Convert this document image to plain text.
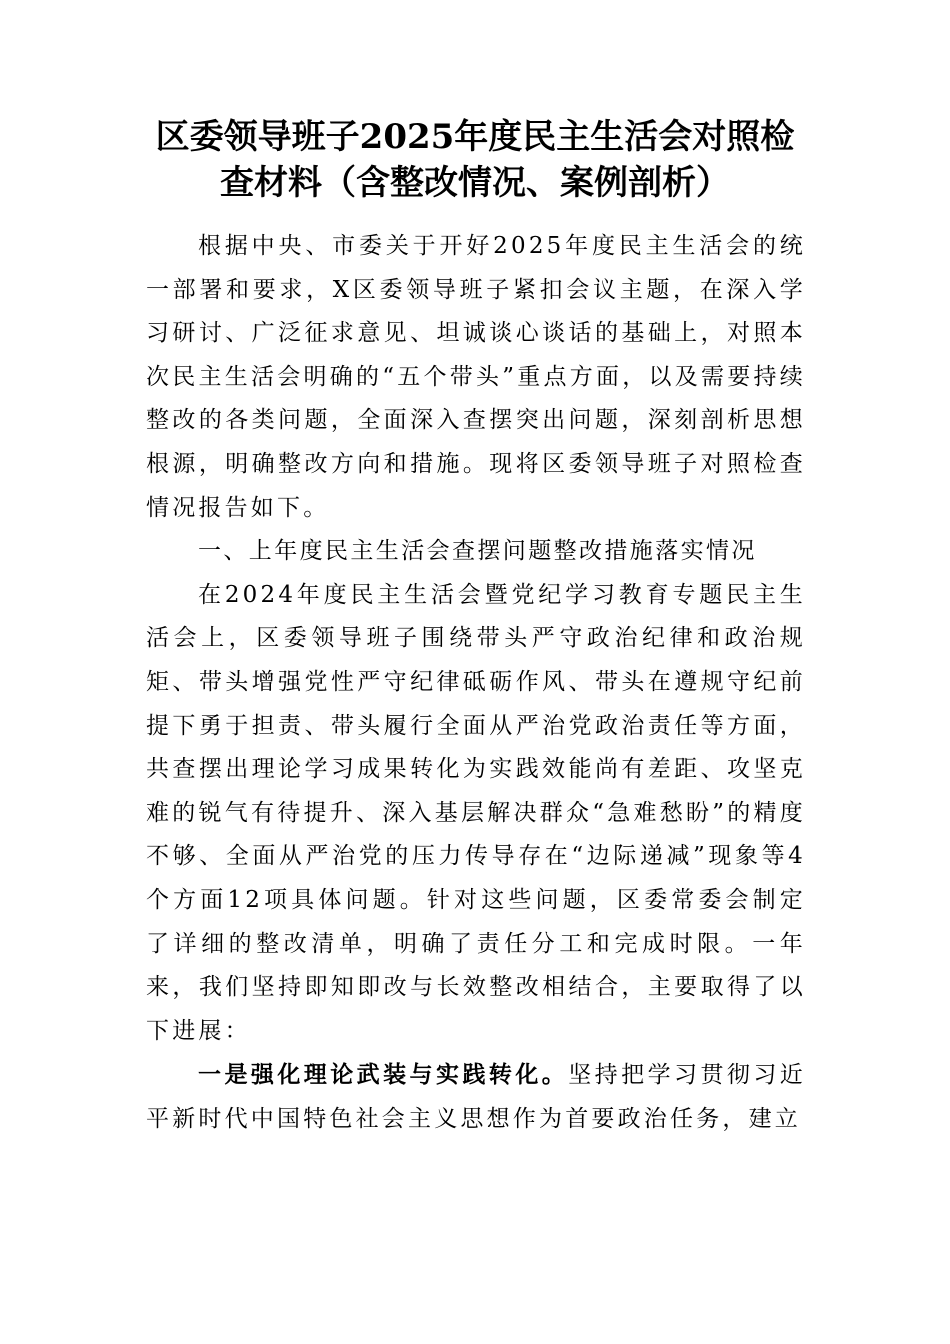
区委领导班子2025年度民主生活会对照检
查材料（含整改情况、案例剖析）

根据中央、市委关于开好2025年度民主生活会的统一部署和要求，X区委领导班子紧扣会议主题，在深入学习研讨、广泛征求意见、坦诚谈心谈话的基础上，对照本次民主生活会明确的“五个带头”重点方面，以及需要持续整改的各类问题，全面深入查摆突出问题，深刻剖析思想根源，明确整改方向和措施。现将区委领导班子对照检查情况报告如下。

一、上年度民主生活会查摆问题整改措施落实情况

在2024年度民主生活会暨党纪学习教育专题民主生活会上，区委领导班子围绕带头严守政治纪律和政治规矩、带头增强党性严守纪律砥砺作风、带头在遵规守纪前提下勇于担责、带头履行全面从严治党政治责任等方面，共查摆出理论学习成果转化为实践效能尚有差距、攻坚克难的锐气有待提升、深入基层解决群众“急难愁盼”的精度不够、全面从严治党的压力传导存在“边际递减”现象等4个方面12项具体问题。针对这些问题，区委常委会制定了详细的整改清单，明确了责任分工和完成时限。一年来，我们坚持即知即改与长效整改相结合，主要取得了以下进展：

一是强化理论武装与实践转化。坚持把学习贯彻习近平新时代中国特色社会主义思想作为首要政治任务，建立
